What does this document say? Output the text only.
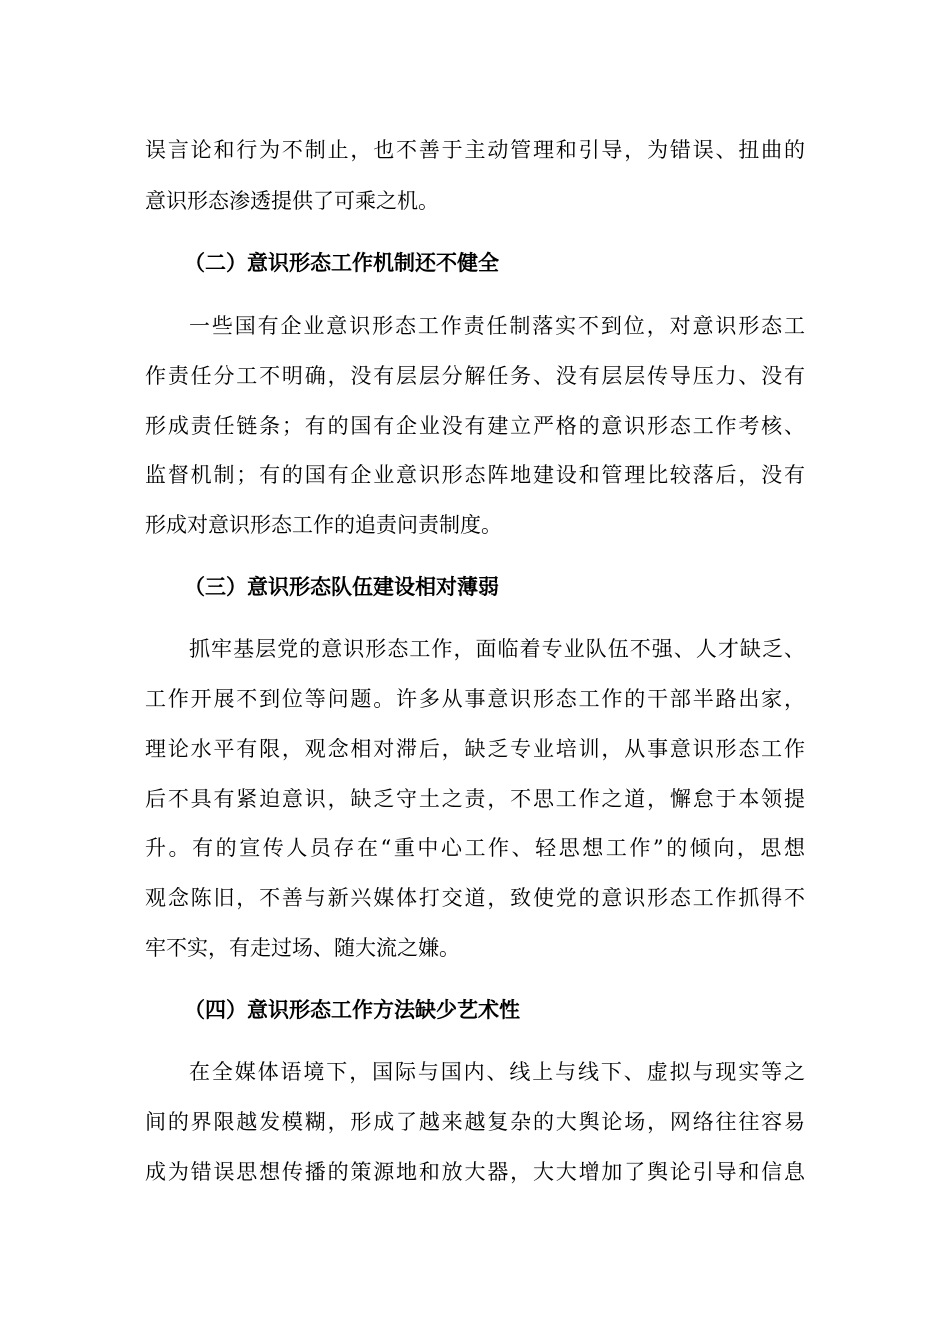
误言论和行为不制止，也不善于主动管理和引导，为错误、扭曲的
意识形态渗透提供了可乘之机。
（二）意识形态工作机制还不健全
一些国有企业意识形态工作责任制落实不到位，对意识形态工
作责任分工不明确，没有层层分解任务、没有层层传导压力、没有
形成责任链条；有的国有企业没有建立严格的意识形态工作考核、
监督机制；有的国有企业意识形态阵地建设和管理比较落后，没有
形成对意识形态工作的追责问责制度。
（三）意识形态队伍建设相对薄弱
抓牢基层党的意识形态工作，面临着专业队伍不强、人才缺乏、
工作开展不到位等问题。许多从事意识形态工作的干部半路出家，
理论水平有限，观念相对滞后，缺乏专业培训，从事意识形态工作
后不具有紧迫意识，缺乏守土之责，不思工作之道，懈怠于本领提
升。有的宣传人员存在“重中心工作、轻思想工作”的倾向，思想
观念陈旧，不善与新兴媒体打交道，致使党的意识形态工作抓得不
牢不实，有走过场、随大流之嫌。
（四）意识形态工作方法缺少艺术性
在全媒体语境下，国际与国内、线上与线下、虚拟与现实等之
间的界限越发模糊，形成了越来越复杂的大舆论场，网络往往容易
成为错误思想传播的策源地和放大器，大大增加了舆论引导和信息
